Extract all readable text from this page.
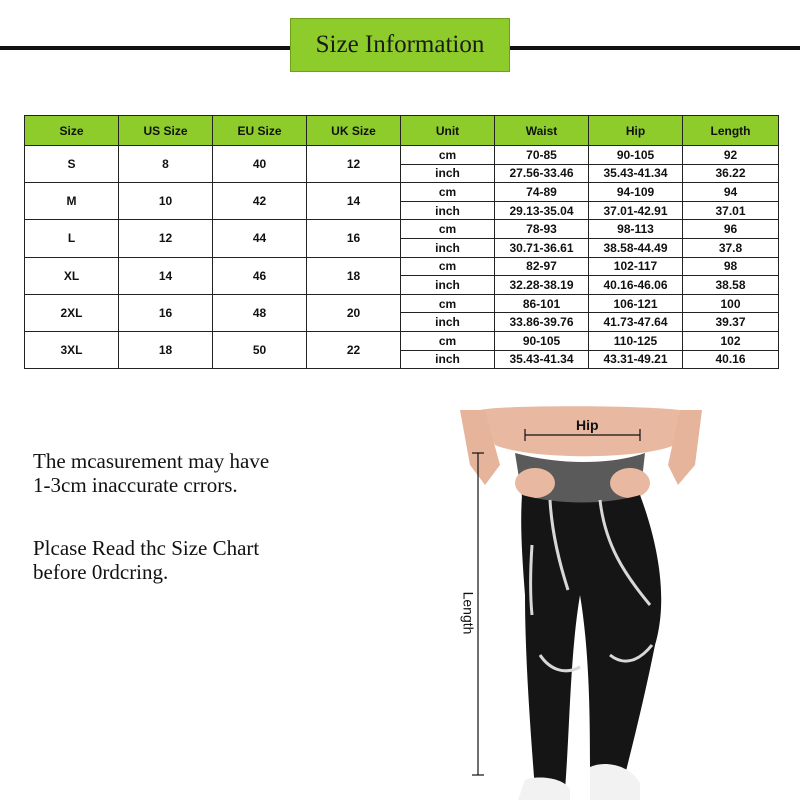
Size Information
Size	US Size	EU Size	UK Size	Unit	Waist	Hip	Length
S	8	40	12	cm	70-85	90-105	92
				inch	27.56-33.46	35.43-41.34	36.22
M	10	42	14	cm	74-89	94-109	94
				inch	29.13-35.04	37.01-42.91	37.01
L	12	44	16	cm	78-93	98-113	96
				inch	30.71-36.61	38.58-44.49	37.8
XL	14	46	18	cm	82-97	102-117	98
				inch	32.28-38.19	40.16-46.06	38.58
2XL	16	48	20	cm	86-101	106-121	100
				inch	33.86-39.76	41.73-47.64	39.37
3XL	18	50	22	cm	90-105	110-125	102
				inch	35.43-41.34	43.31-49.21	40.16
The mcasurement may have
1-3cm inaccurate crrors.
Plcase Read thc Size Chart
before 0rdcring.
Hip
Length
